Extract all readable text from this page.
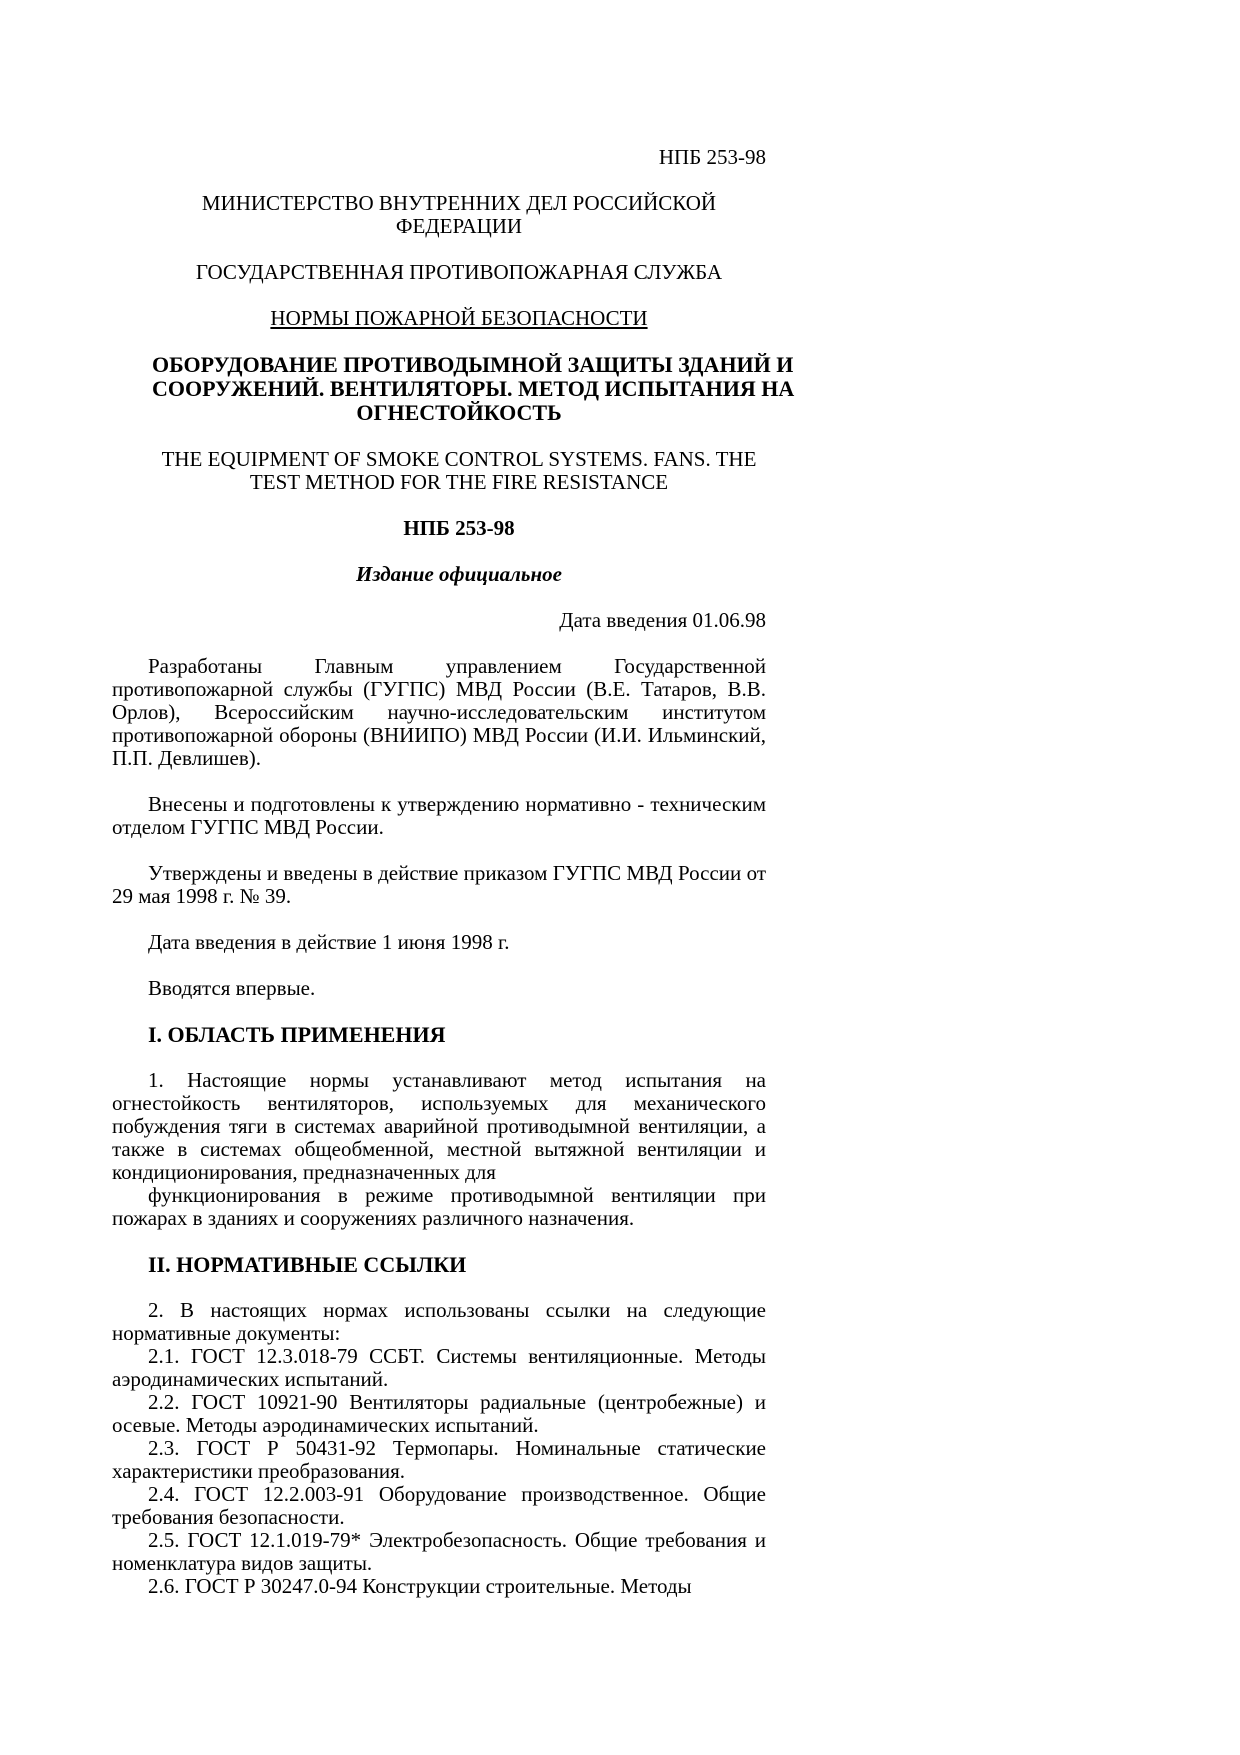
НПБ 253-98
МИНИСТЕРСТВО ВНУТРЕННИХ ДЕЛ РОССИЙСКОЙ
ФЕДЕРАЦИИ
ГОСУДАРСТВЕННАЯ ПРОТИВОПОЖАРНАЯ СЛУЖБА
НОРМЫ ПОЖАРНОЙ БЕЗОПАСНОСТИ
ОБОРУДОВАНИЕ ПРОТИВОДЫМНОЙ ЗАЩИТЫ ЗДАНИЙ И
СООРУЖЕНИЙ. ВЕНТИЛЯТОРЫ. МЕТОД ИСПЫТАНИЯ НА
ОГНЕСТОЙКОСТЬ
THE EQUIPMENT OF SMOKE CONTROL SYSTEMS. FANS. THE
TEST METHOD FOR THE FIRE RESISTANCE
НПБ 253-98
Издание официальное
Дата введения 01.06.98

Разработаны Главным управлением Государственной противопожарной службы (ГУГПС) МВД России (В.Е. Татаров, В.В. Орлов), Всероссийским научно-исследовательским институтом противопожарной обороны (ВНИИПО) МВД России (И.И. Ильминский, П.П. Девлишев).

Внесены и подготовлены к утверждению нормативно - техническим отделом ГУГПС МВД России.

Утверждены и введены в действие приказом ГУГПС МВД России от 29 мая 1998 г. № 39.

Дата введения в действие 1 июня 1998 г.

Вводятся впервые.

I. ОБЛАСТЬ ПРИМЕНЕНИЯ

1. Настоящие нормы устанавливают метод испытания на огнестойкость вентиляторов, используемых для механического побуждения тяги в системах аварийной противодымной вентиляции, а также в системах общеобменной, местной вытяжной вентиляции и кондиционирования, предназначенных для

функционирования в режиме противодымной вентиляции при пожарах в зданиях и сооружениях различного назначения.

II. НОРМАТИВНЫЕ ССЫЛКИ

2. В настоящих нормах использованы ссылки на следующие нормативные документы:

2.1. ГОСТ 12.3.018-79 ССБТ. Системы вентиляционные. Методы аэродинамических испытаний.

2.2. ГОСТ 10921-90 Вентиляторы радиальные (центробежные) и осевые. Методы аэродинамических испытаний.

2.3. ГОСТ Р 50431-92 Термопары. Номинальные статические характеристики преобразования.

2.4. ГОСТ 12.2.003-91 Оборудование производственное. Общие требования безопасности.

2.5. ГОСТ 12.1.019-79* Электробезопасность. Общие требования и номенклатура видов защиты.

2.6. ГОСТ Р 30247.0-94 Конструкции строительные. Методы
